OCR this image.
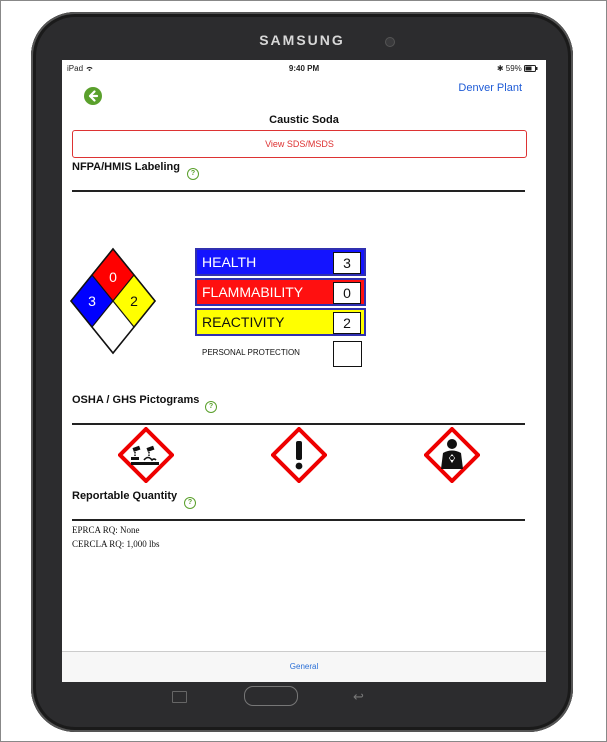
SAMSUNG
iPad	9:40 PM	✱ 59%
Denver Plant
Caustic Soda
View SDS/MSDS
NFPA/HMIS Labeling
?
0
3 2
HEALTH	3
FLAMMABILITY	0
REACTIVITY	2
PERSONAL PROTECTION
OSHA / GHS Pictograms
?
Reportable Quantity
?
EPRCA RQ: None
CERCLA RQ: 1,000 lbs
General
↩
